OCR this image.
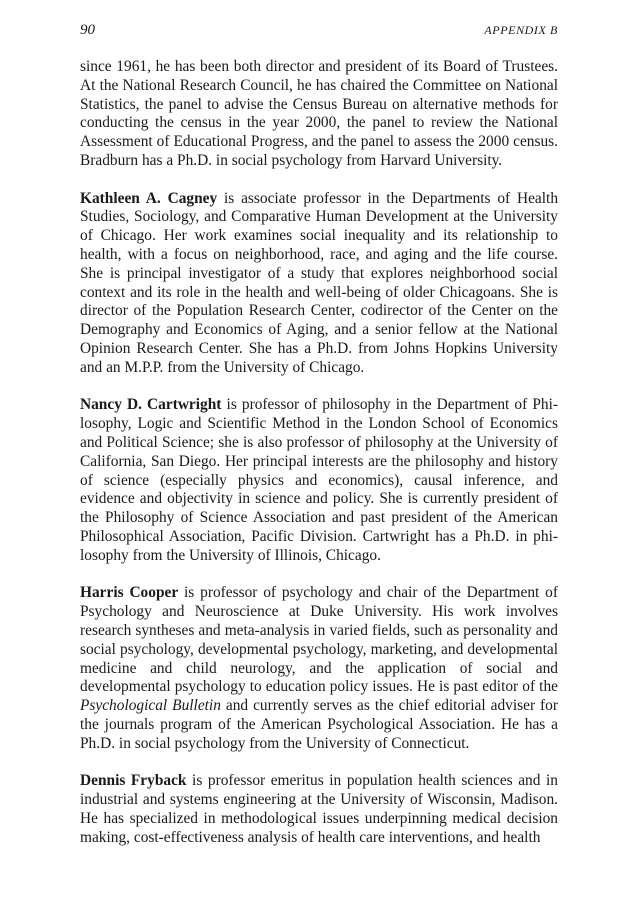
90	APPENDIX B

since 1961, he has been both director and president of its Board of Trustees. At the National Research Council, he has chaired the Committee on National Statistics, the panel to advise the Census Bureau on alternative methods for conducting the census in the year 2000, the panel to review the National Assessment of Educational Progress, and the panel to assess the 2000 census. Bradburn has a Ph.D. in social psychology from Harvard University.

Kathleen A. Cagney is associate professor in the Departments of Health Studies, Sociology, and Comparative Human Development at the University of Chicago. Her work examines social inequality and its relationship to health, with a focus on neighborhood, race, and aging and the life course. She is principal investigator of a study that explores neighborhood social context and its role in the health and well-being of older Chicagoans. She is director of the Population Research Center, codirector of the Center on the Demography and Economics of Aging, and a senior fellow at the National Opinion Research Center. She has a Ph.D. from Johns Hopkins University and an M.P.P. from the University of Chicago.

Nancy D. Cartwright is professor of philosophy in the Department of Philosophy, Logic and Scientific Method in the London School of Economics and Political Science; she is also professor of philosophy at the University of California, San Diego. Her principal interests are the philosophy and history of science (especially physics and economics), causal inference, and evidence and objectivity in science and policy. She is currently president of the Philosophy of Science Association and past president of the American Philosophical Association, Pacific Division. Cartwright has a Ph.D. in philosophy from the University of Illinois, Chicago.

Harris Cooper is professor of psychology and chair of the Department of Psychology and Neuroscience at Duke University. His work involves research syntheses and meta-analysis in varied fields, such as personality and social psychology, developmental psychology, marketing, and developmental medicine and child neurology, and the application of social and developmental psychology to education policy issues. He is past editor of the Psychological Bulletin and currently serves as the chief editorial adviser for the journals program of the American Psychological Association. He has a Ph.D. in social psychology from the University of Connecticut.

Dennis Fryback is professor emeritus in population health sciences and in industrial and systems engineering at the University of Wisconsin, Madison. He has specialized in methodological issues underpinning medical decision making, cost-effectiveness analysis of health care interventions, and health
